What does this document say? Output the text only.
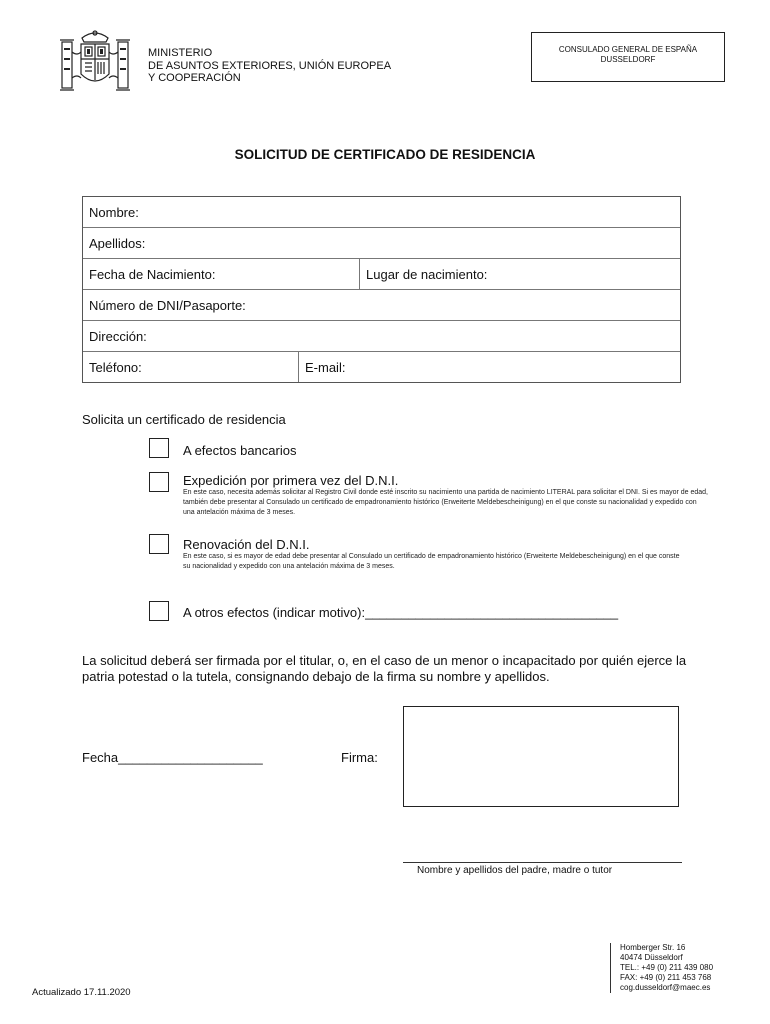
MINISTERIO
DE ASUNTOS EXTERIORES, UNIÓN EUROPEA
Y COOPERACIÓN
CONSULADO GENERAL DE ESPAÑA
DUSSELDORF
SOLICITUD DE CERTIFICADO DE RESIDENCIA
Nombre:
Apellidos:
Fecha de Nacimiento:	Lugar de nacimiento:
Número de DNI/Pasaporte:
Dirección:
Teléfono:	E-mail:
Solicita un certificado de residencia
A efectos bancarios
Expedición por primera vez del D.N.I.
En este caso, necesita además solicitar al Registro Civil donde esté inscrito su nacimiento una partida de nacimiento LITERAL para solicitar el DNI. Si es mayor de edad, también debe presentar al Consulado un certificado de empadronamiento histórico (Erweiterte Meldebescheinigung) en el que conste su nacionalidad y expedido con una antelación máxima de 3 meses.
Renovación del D.N.I.
En este caso, si es mayor de edad debe presentar al Consulado un certificado de empadronamiento histórico (Erweiterte Meldebescheinigung) en el que conste su nacionalidad y expedido con una antelación máxima de 3 meses.
A otros efectos (indicar motivo):___________________________________
La solicitud deberá ser firmada por el titular, o, en el caso de un menor o incapacitado por quién ejerce la patria potestad o la tutela, consignando debajo de la firma su nombre y apellidos.
Fecha____________________	Firma:
Nombre y apellidos del padre, madre o tutor
Actualizado 17.11.2020
Homberger Str. 16
40474 Düsseldorf
TEL.: +49 (0) 211 439 080
FAX: +49 (0) 211 453 768
cog.dusseldorf@maec.es
